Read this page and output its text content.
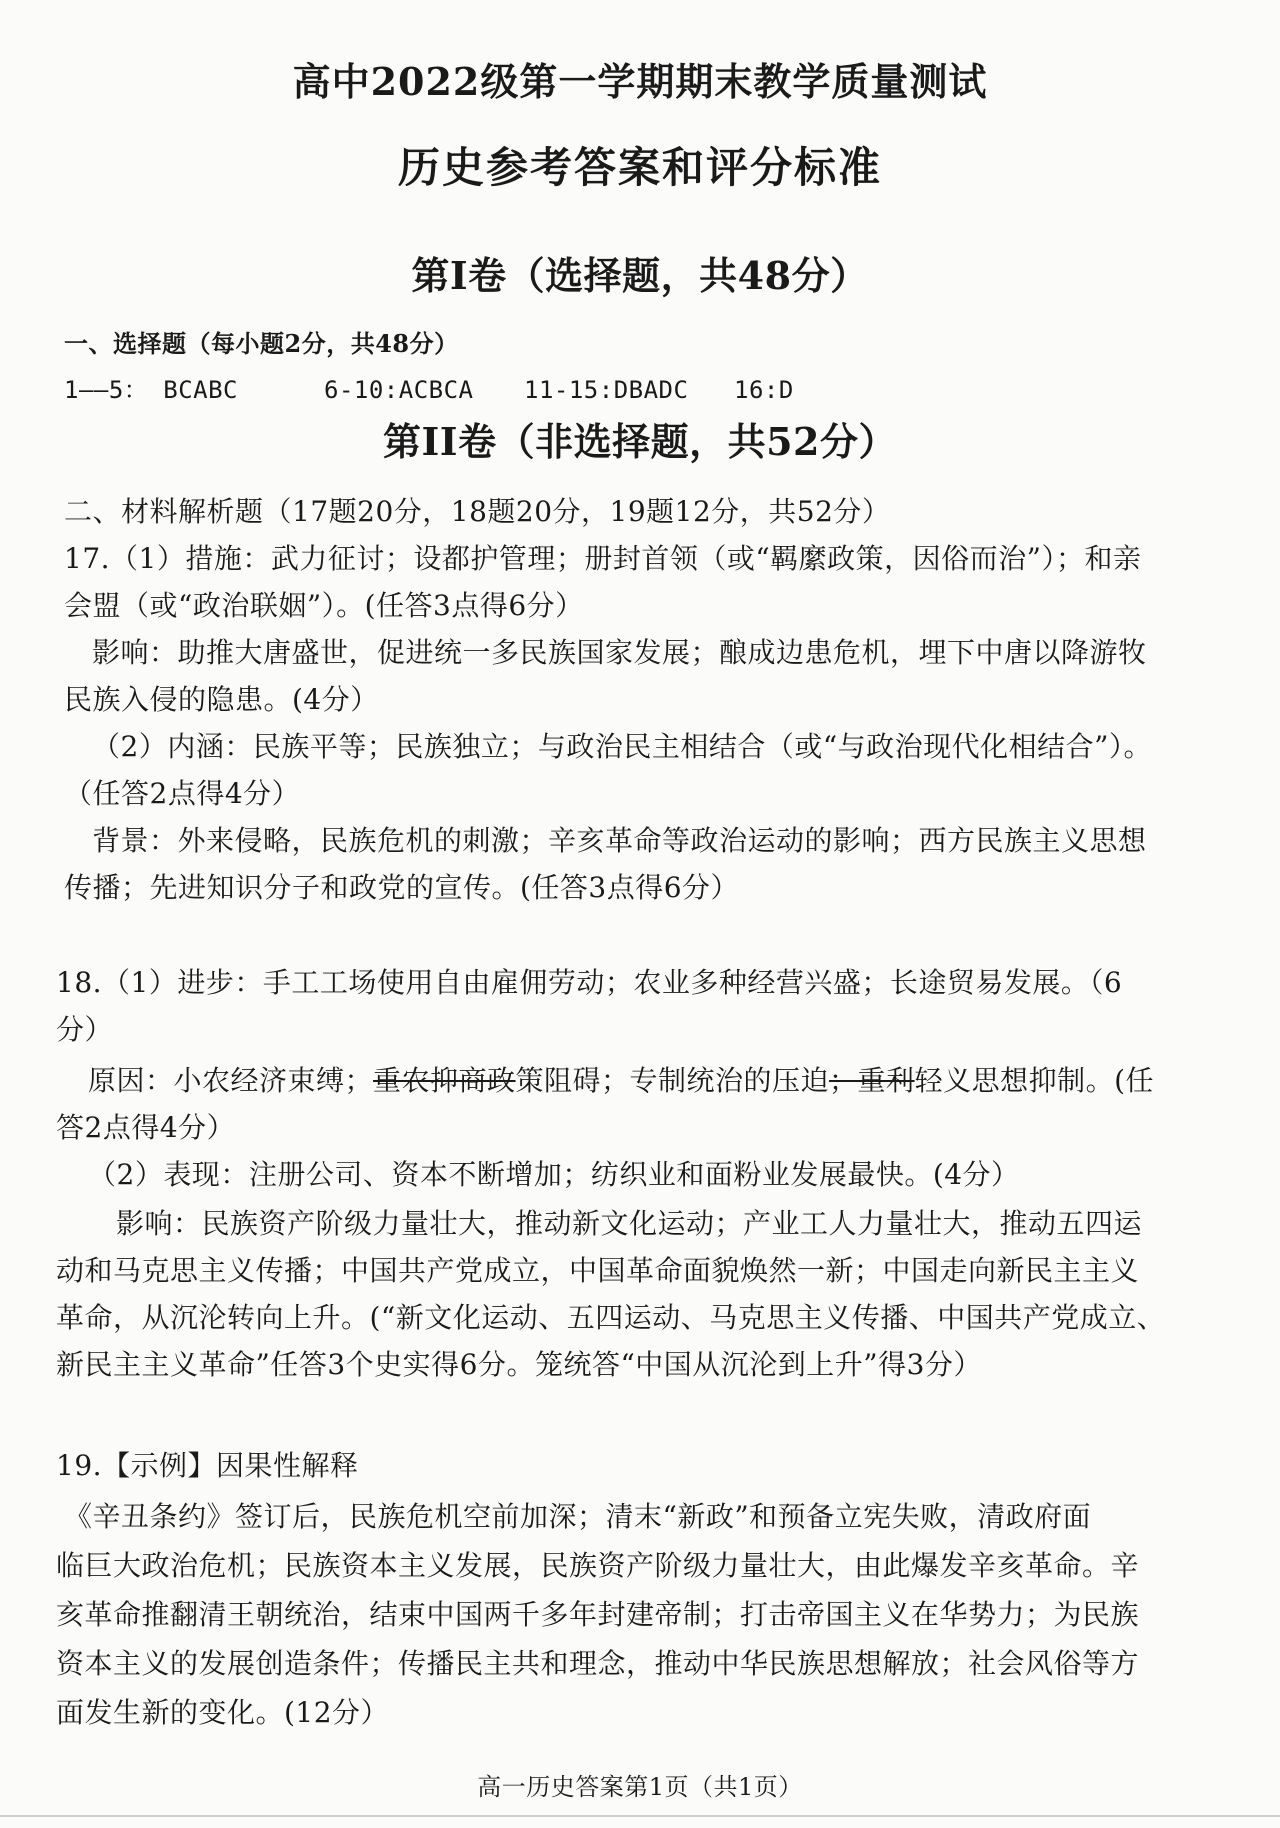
高中2022级第一学期期末教学质量测试
历史参考答案和评分标准
第I卷（选择题，共48分）
一、选择题（每小题2分，共48分）
1——5： BCABC	6-10:ACBCA 11-15:DBADC 16:D
第II卷（非选择题，共52分）
二、材料解析题（17题20分，18题20分，19题12分，共52分）
17.（1）措施：武力征讨；设都护管理；册封首领（或“羁縻政策，因俗而治”）；和亲
会盟（或“政治联姻”）。(任答3点得6分）
影响：助推大唐盛世，促进统一多民族国家发展；酿成边患危机，埋下中唐以降游牧
民族入侵的隐患。(4分）
（2）内涵：民族平等；民族独立；与政治民主相结合（或“与政治现代化相结合”）。
（任答2点得4分）
背景：外来侵略，民族危机的刺激；辛亥革命等政治运动的影响；西方民族主义思想
传播；先进知识分子和政党的宣传。(任答3点得6分）
18.（1）进步：手工工场使用自由雇佣劳动；农业多种经营兴盛；长途贸易发展。（6
分）
原因：小农经济束缚；重农抑商政策阻碍；专制统治的压迫；重利轻义思想抑制。(任
答2点得4分）
（2）表现：注册公司、资本不断增加；纺织业和面粉业发展最快。(4分）
影响：民族资产阶级力量壮大，推动新文化运动；产业工人力量壮大，推动五四运
动和马克思主义传播；中国共产党成立，中国革命面貌焕然一新；中国走向新民主主义
革命，从沉沦转向上升。(“新文化运动、五四运动、马克思主义传播、中国共产党成立、
新民主主义革命”任答3个史实得6分。笼统答“中国从沉沦到上升”得3分）
19.【示例】因果性解释
《辛丑条约》签订后，民族危机空前加深；清末“新政”和预备立宪失败，清政府面
临巨大政治危机；民族资本主义发展，民族资产阶级力量壮大，由此爆发辛亥革命。辛
亥革命推翻清王朝统治，结束中国两千多年封建帝制；打击帝国主义在华势力；为民族
资本主义的发展创造条件；传播民主共和理念，推动中华民族思想解放；社会风俗等方
面发生新的变化。(12分）
高一历史答案第1页（共1页）
